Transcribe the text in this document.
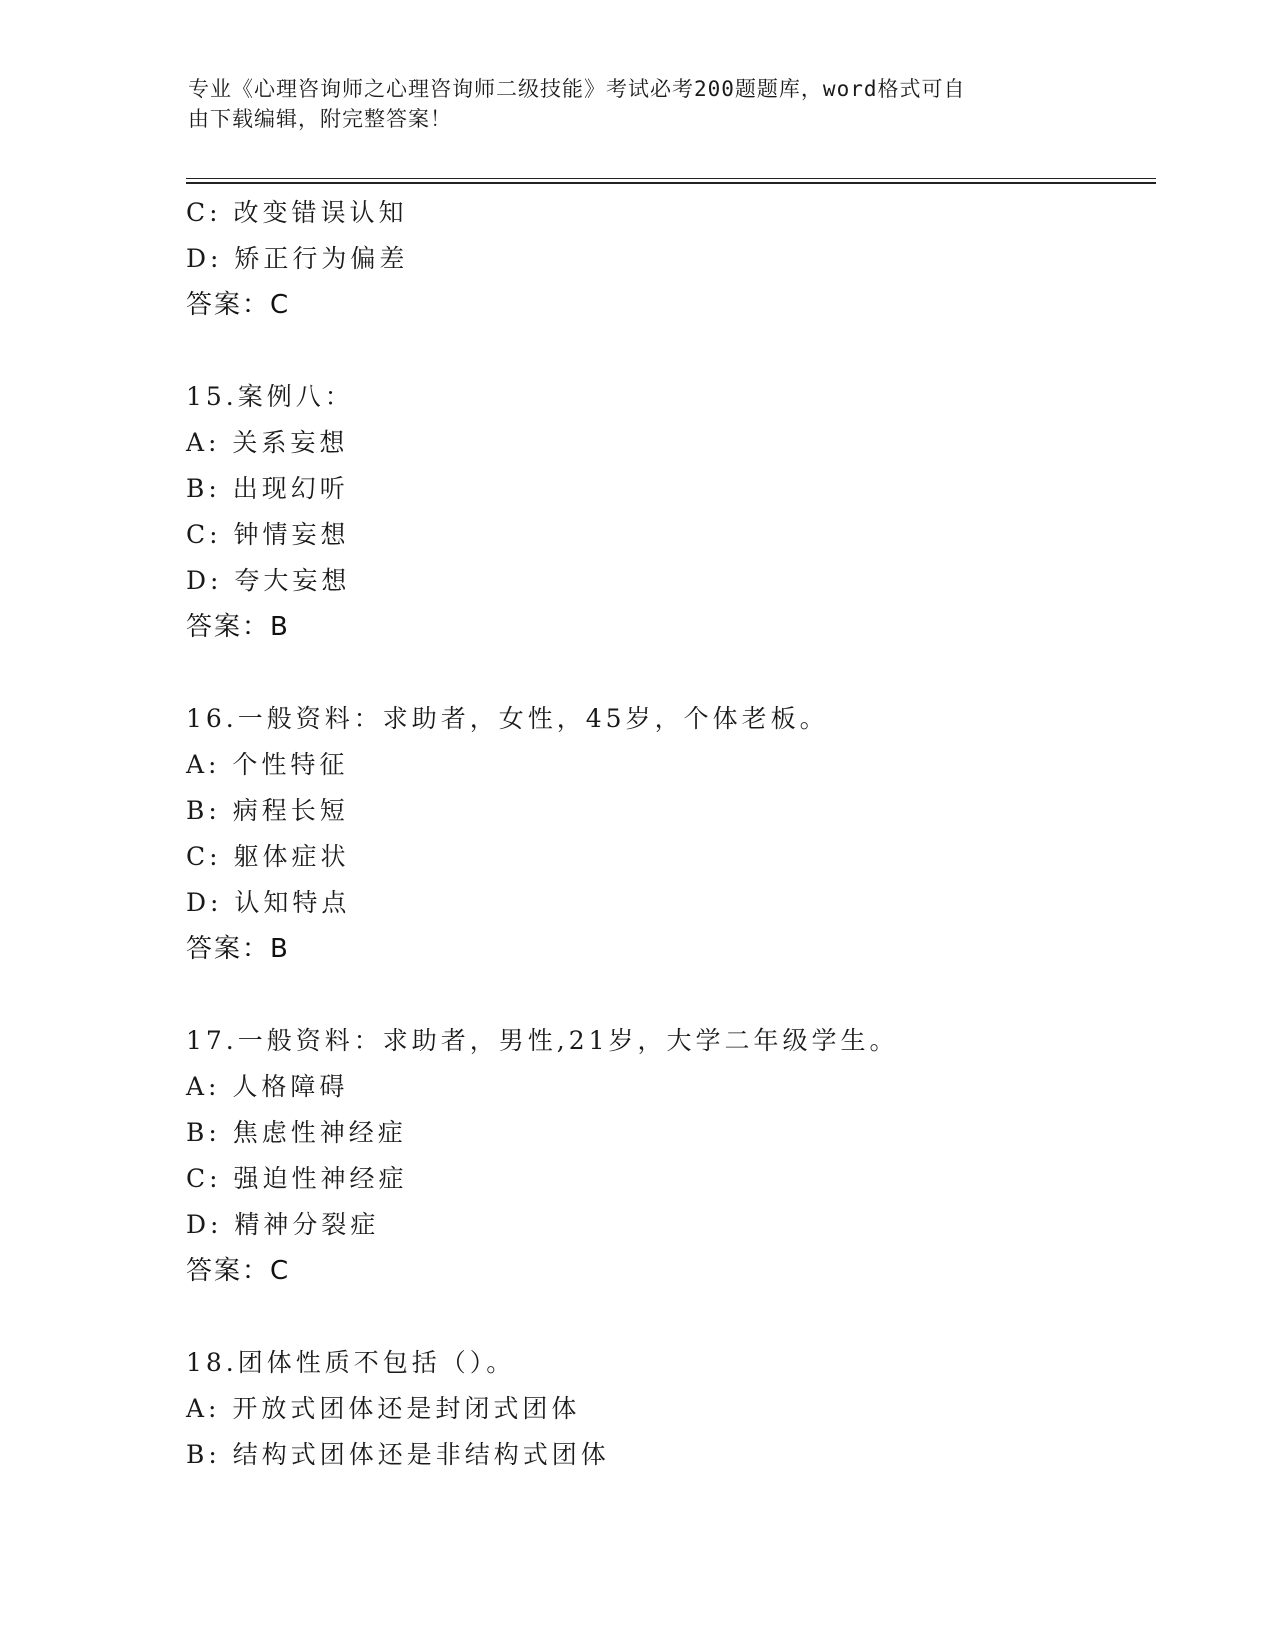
专业《心理咨询师之心理咨询师二级技能》考试必考200题题库，word格式可自
由下载编辑，附完整答案！
C: 改变错误认知
D: 矫正行为偏差
答案：C
15.案例八：
A: 关系妄想
B: 出现幻听
C: 钟情妄想
D: 夸大妄想
答案：B
16.一般资料：求助者，女性，45岁，个体老板。
A: 个性特征
B: 病程长短
C: 躯体症状
D: 认知特点
答案：B
17.一般资料：求助者，男性,21岁，大学二年级学生。
A: 人格障碍
B: 焦虑性神经症
C: 强迫性神经症
D: 精神分裂症
答案：C
18.团体性质不包括（）。
A: 开放式团体还是封闭式团体
B: 结构式团体还是非结构式团体
